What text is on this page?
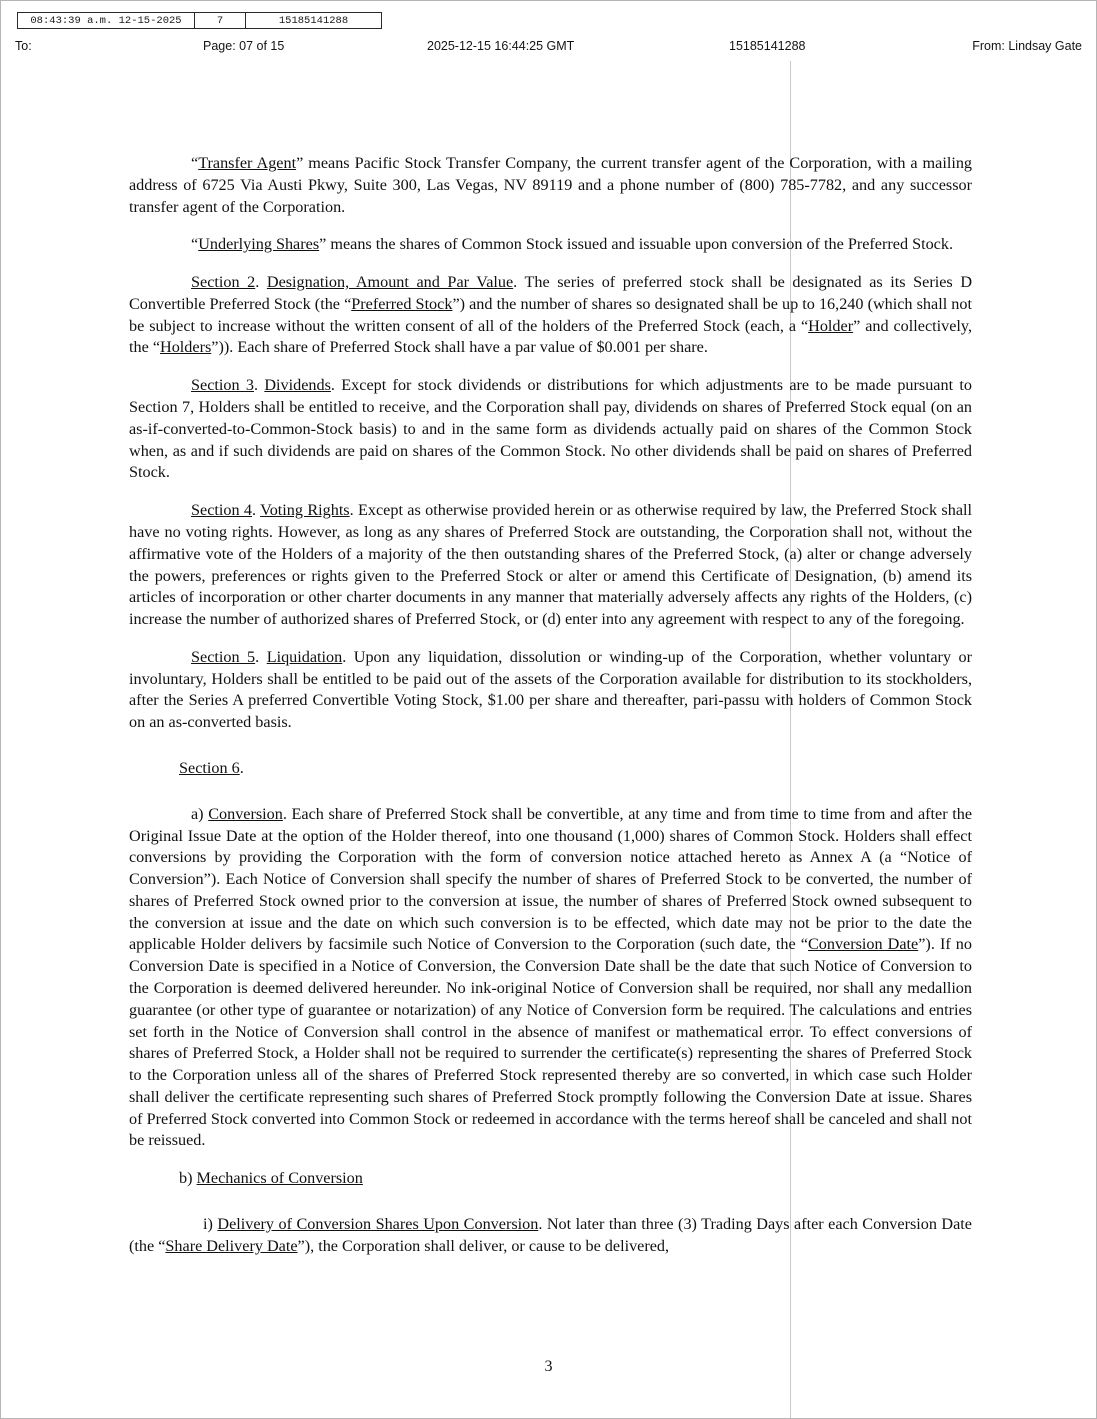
08:43:39 a.m. 12-15-2025	7	15185141288
To:	Page: 07 of 15	2025-12-15 16:44:25 GMT	15185141288	From: Lindsay Gate

“Transfer Agent” means Pacific Stock Transfer Company, the current transfer agent of the Corporation, with a mailing address of 6725 Via Austi Pkwy, Suite 300, Las Vegas, NV 89119 and a phone number of (800) 785-7782, and any successor transfer agent of the Corporation.

“Underlying Shares” means the shares of Common Stock issued and issuable upon conversion of the Preferred Stock.

Section 2. Designation, Amount and Par Value. The series of preferred stock shall be designated as its Series D Convertible Preferred Stock (the “Preferred Stock”) and the number of shares so designated shall be up to 16,240 (which shall not be subject to increase without the written consent of all of the holders of the Preferred Stock (each, a “Holder” and collectively, the “Holders”)). Each share of Preferred Stock shall have a par value of $0.001 per share.

Section 3. Dividends. Except for stock dividends or distributions for which adjustments are to be made pursuant to Section 7, Holders shall be entitled to receive, and the Corporation shall pay, dividends on shares of Preferred Stock equal (on an as-if-converted-to-Common-Stock basis) to and in the same form as dividends actually paid on shares of the Common Stock when, as and if such dividends are paid on shares of the Common Stock. No other dividends shall be paid on shares of Preferred Stock.

Section 4. Voting Rights. Except as otherwise provided herein or as otherwise required by law, the Preferred Stock shall have no voting rights. However, as long as any shares of Preferred Stock are outstanding, the Corporation shall not, without the affirmative vote of the Holders of a majority of the then outstanding shares of the Preferred Stock, (a) alter or change adversely the powers, preferences or rights given to the Preferred Stock or alter or amend this Certificate of Designation, (b) amend its articles of incorporation or other charter documents in any manner that materially adversely affects any rights of the Holders, (c) increase the number of authorized shares of Preferred Stock, or (d) enter into any agreement with respect to any of the foregoing.

Section 5. Liquidation. Upon any liquidation, dissolution or winding-up of the Corporation, whether voluntary or involuntary, Holders shall be entitled to be paid out of the assets of the Corporation available for distribution to its stockholders, after the Series A preferred Convertible Voting Stock, $1.00 per share and thereafter, pari-passu with holders of Common Stock on an as-converted basis.

Section 6.

a) Conversion. Each share of Preferred Stock shall be convertible, at any time and from time to time from and after the Original Issue Date at the option of the Holder thereof, into one thousand (1,000) shares of Common Stock. Holders shall effect conversions by providing the Corporation with the form of conversion notice attached hereto as Annex A (a “Notice of Conversion”). Each Notice of Conversion shall specify the number of shares of Preferred Stock to be converted, the number of shares of Preferred Stock owned prior to the conversion at issue, the number of shares of Preferred Stock owned subsequent to the conversion at issue and the date on which such conversion is to be effected, which date may not be prior to the date the applicable Holder delivers by facsimile such Notice of Conversion to the Corporation (such date, the “Conversion Date”). If no Conversion Date is specified in a Notice of Conversion, the Conversion Date shall be the date that such Notice of Conversion to the Corporation is deemed delivered hereunder. No ink-original Notice of Conversion shall be required, nor shall any medallion guarantee (or other type of guarantee or notarization) of any Notice of Conversion form be required. The calculations and entries set forth in the Notice of Conversion shall control in the absence of manifest or mathematical error. To effect conversions of shares of Preferred Stock, a Holder shall not be required to surrender the certificate(s) representing the shares of Preferred Stock to the Corporation unless all of the shares of Preferred Stock represented thereby are so converted, in which case such Holder shall deliver the certificate representing such shares of Preferred Stock promptly following the Conversion Date at issue. Shares of Preferred Stock converted into Common Stock or redeemed in accordance with the terms hereof shall be canceled and shall not be reissued.

b) Mechanics of Conversion

i) Delivery of Conversion Shares Upon Conversion. Not later than three (3) Trading Days after each Conversion Date (the “Share Delivery Date”), the Corporation shall deliver, or cause to be delivered,

3
